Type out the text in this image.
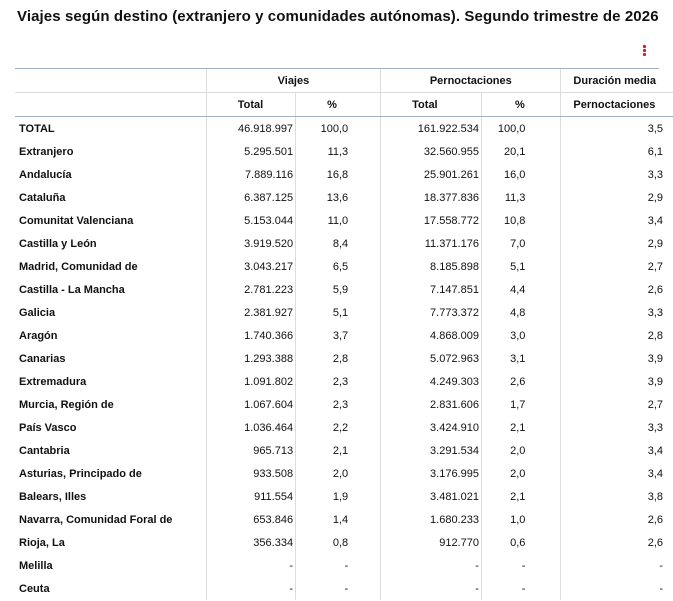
Viajes según destino (extranjero y comunidades autónomas). Segundo trimestre de 2026
	Viajes		Pernoctaciones		Duración media
	Total	%	Total	%	Pernoctaciones
TOTAL	46.918.997	100,0	161.922.534	100,0	3,5
Extranjero	5.295.501	11,3	32.560.955	20,1	6,1
Andalucía	7.889.116	16,8	25.901.261	16,0	3,3
Cataluña	6.387.125	13,6	18.377.836	11,3	2,9
Comunitat Valenciana	5.153.044	11,0	17.558.772	10,8	3,4
Castilla y León	3.919.520	8,4	11.371.176	7,0	2,9
Madrid, Comunidad de	3.043.217	6,5	8.185.898	5,1	2,7
Castilla - La Mancha	2.781.223	5,9	7.147.851	4,4	2,6
Galicia	2.381.927	5,1	7.773.372	4,8	3,3
Aragón	1.740.366	3,7	4.868.009	3,0	2,8
Canarias	1.293.388	2,8	5.072.963	3,1	3,9
Extremadura	1.091.802	2,3	4.249.303	2,6	3,9
Murcia, Región de	1.067.604	2,3	2.831.606	1,7	2,7
País Vasco	1.036.464	2,2	3.424.910	2,1	3,3
Cantabria	965.713	2,1	3.291.534	2,0	3,4
Asturias, Principado de	933.508	2,0	3.176.995	2,0	3,4
Balears, Illes	911.554	1,9	3.481.021	2,1	3,8
Navarra, Comunidad Foral de	653.846	1,4	1.680.233	1,0	2,6
Rioja, La	356.334	0,8	912.770	0,6	2,6
Melilla	-	-	-	-	-
Ceuta	-	-	-	-	-
